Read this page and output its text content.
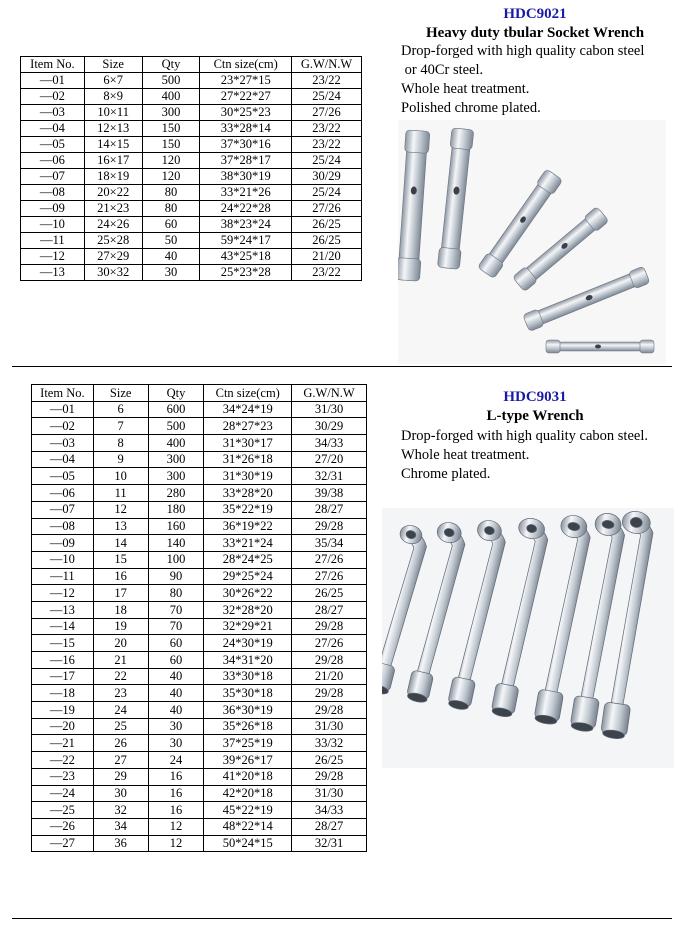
Item No.	Size	Qty	Ctn size(cm)	G.W/N.W
—01	6×7	500	23*27*15	23/22
—02	8×9	400	27*22*27	25/24
—03	10×11	300	30*25*23	27/26
—04	12×13	150	33*28*14	23/22
—05	14×15	150	37*30*16	23/22
—06	16×17	120	37*28*17	25/24
—07	18×19	120	38*30*19	30/29
—08	20×22	80	33*21*26	25/24
—09	21×23	80	24*22*28	27/26
—10	24×26	60	38*23*24	26/25
—11	25×28	50	59*24*17	26/25
—12	27×29	40	43*25*18	21/20
—13	30×32	30	25*23*28	23/22
HDC9021
Heavy duty tbular Socket Wrench
Drop-forged with high quality cabon steel
or 40Cr steel.
Whole heat treatment.
Polished chrome plated.
Item No.	Size	Qty	Ctn size(cm)	G.W/N.W
—01	6	600	34*24*19	31/30
—02	7	500	28*27*23	30/29
—03	8	400	31*30*17	34/33
—04	9	300	31*26*18	27/20
—05	10	300	31*30*19	32/31
—06	11	280	33*28*20	39/38
—07	12	180	35*22*19	28/27
—08	13	160	36*19*22	29/28
—09	14	140	33*21*24	35/34
—10	15	100	28*24*25	27/26
—11	16	90	29*25*24	27/26
—12	17	80	30*26*22	26/25
—13	18	70	32*28*20	28/27
—14	19	70	32*29*21	29/28
—15	20	60	24*30*19	27/26
—16	21	60	34*31*20	29/28
—17	22	40	33*30*18	21/20
—18	23	40	35*30*18	29/28
—19	24	40	36*30*19	29/28
—20	25	30	35*26*18	31/30
—21	26	30	37*25*19	33/32
—22	27	24	39*26*17	26/25
—23	29	16	41*20*18	29/28
—24	30	16	42*20*18	31/30
—25	32	16	45*22*19	34/33
—26	34	12	48*22*14	28/27
—27	36	12	50*24*15	32/31
HDC9031
L-type Wrench
Drop-forged with high quality cabon steel.
Whole heat treatment.
Chrome plated.
